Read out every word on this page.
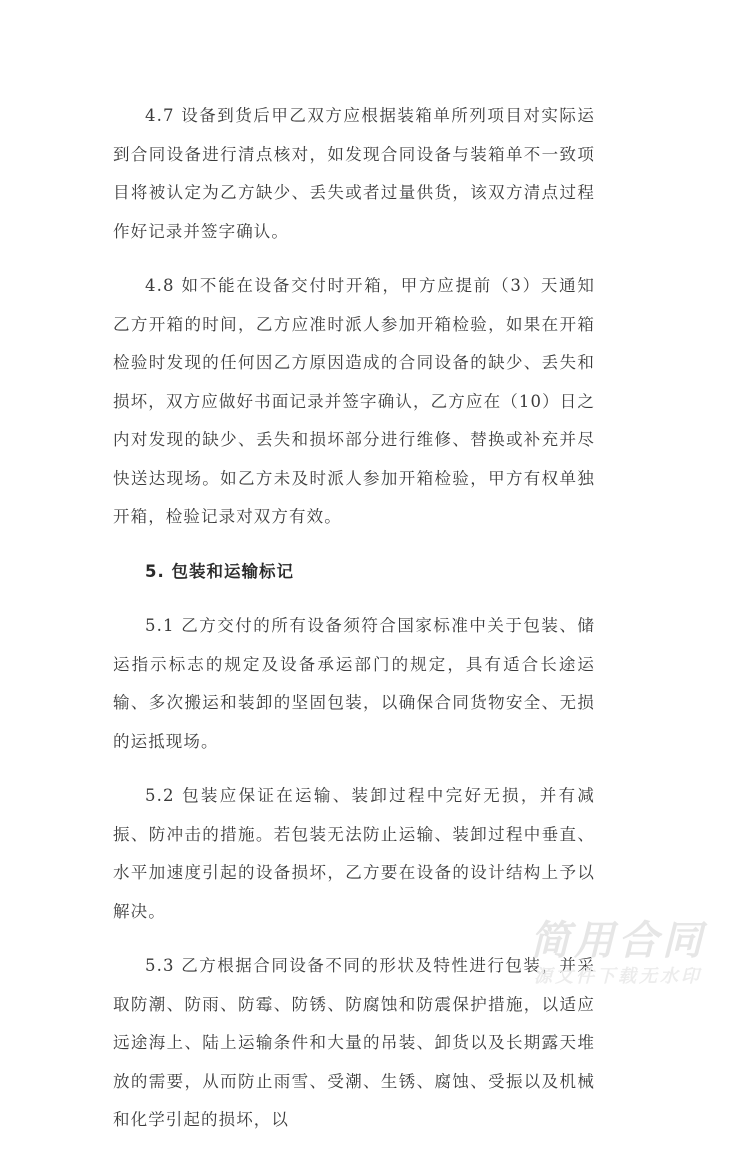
4.7 设备到货后甲乙双方应根据装箱单所列项目对实际运到合同设备进行清点核对，如发现合同设备与装箱单不一致项目将被认定为乙方缺少、丢失或者过量供货，该双方清点过程作好记录并签字确认。

4.8 如不能在设备交付时开箱，甲方应提前（3）天通知乙方开箱的时间，乙方应准时派人参加开箱检验，如果在开箱检验时发现的任何因乙方原因造成的合同设备的缺少、丢失和损坏，双方应做好书面记录并签字确认，乙方应在（10）日之内对发现的缺少、丢失和损坏部分进行维修、替换或补充并尽快送达现场。如乙方未及时派人参加开箱检验，甲方有权单独开箱，检验记录对双方有效。

5. 包装和运输标记

5.1 乙方交付的所有设备须符合国家标准中关于包装、储运指示标志的规定及设备承运部门的规定，具有适合长途运输、多次搬运和装卸的坚固包装，以确保合同货物安全、无损的运抵现场。

5.2 包装应保证在运输、装卸过程中完好无损，并有减振、防冲击的措施。若包装无法防止运输、装卸过程中垂直、水平加速度引起的设备损坏，乙方要在设备的设计结构上予以解决。

5.3 乙方根据合同设备不同的形状及特性进行包装，并采取防潮、防雨、防霉、防锈、防腐蚀和防震保护措施，以适应远途海上、陆上运输条件和大量的吊装、卸货以及长期露天堆放的需要，从而防止雨雪、受潮、生锈、腐蚀、受振以及机械和化学引起的损坏，以

简用合同
源文件下载无水印
